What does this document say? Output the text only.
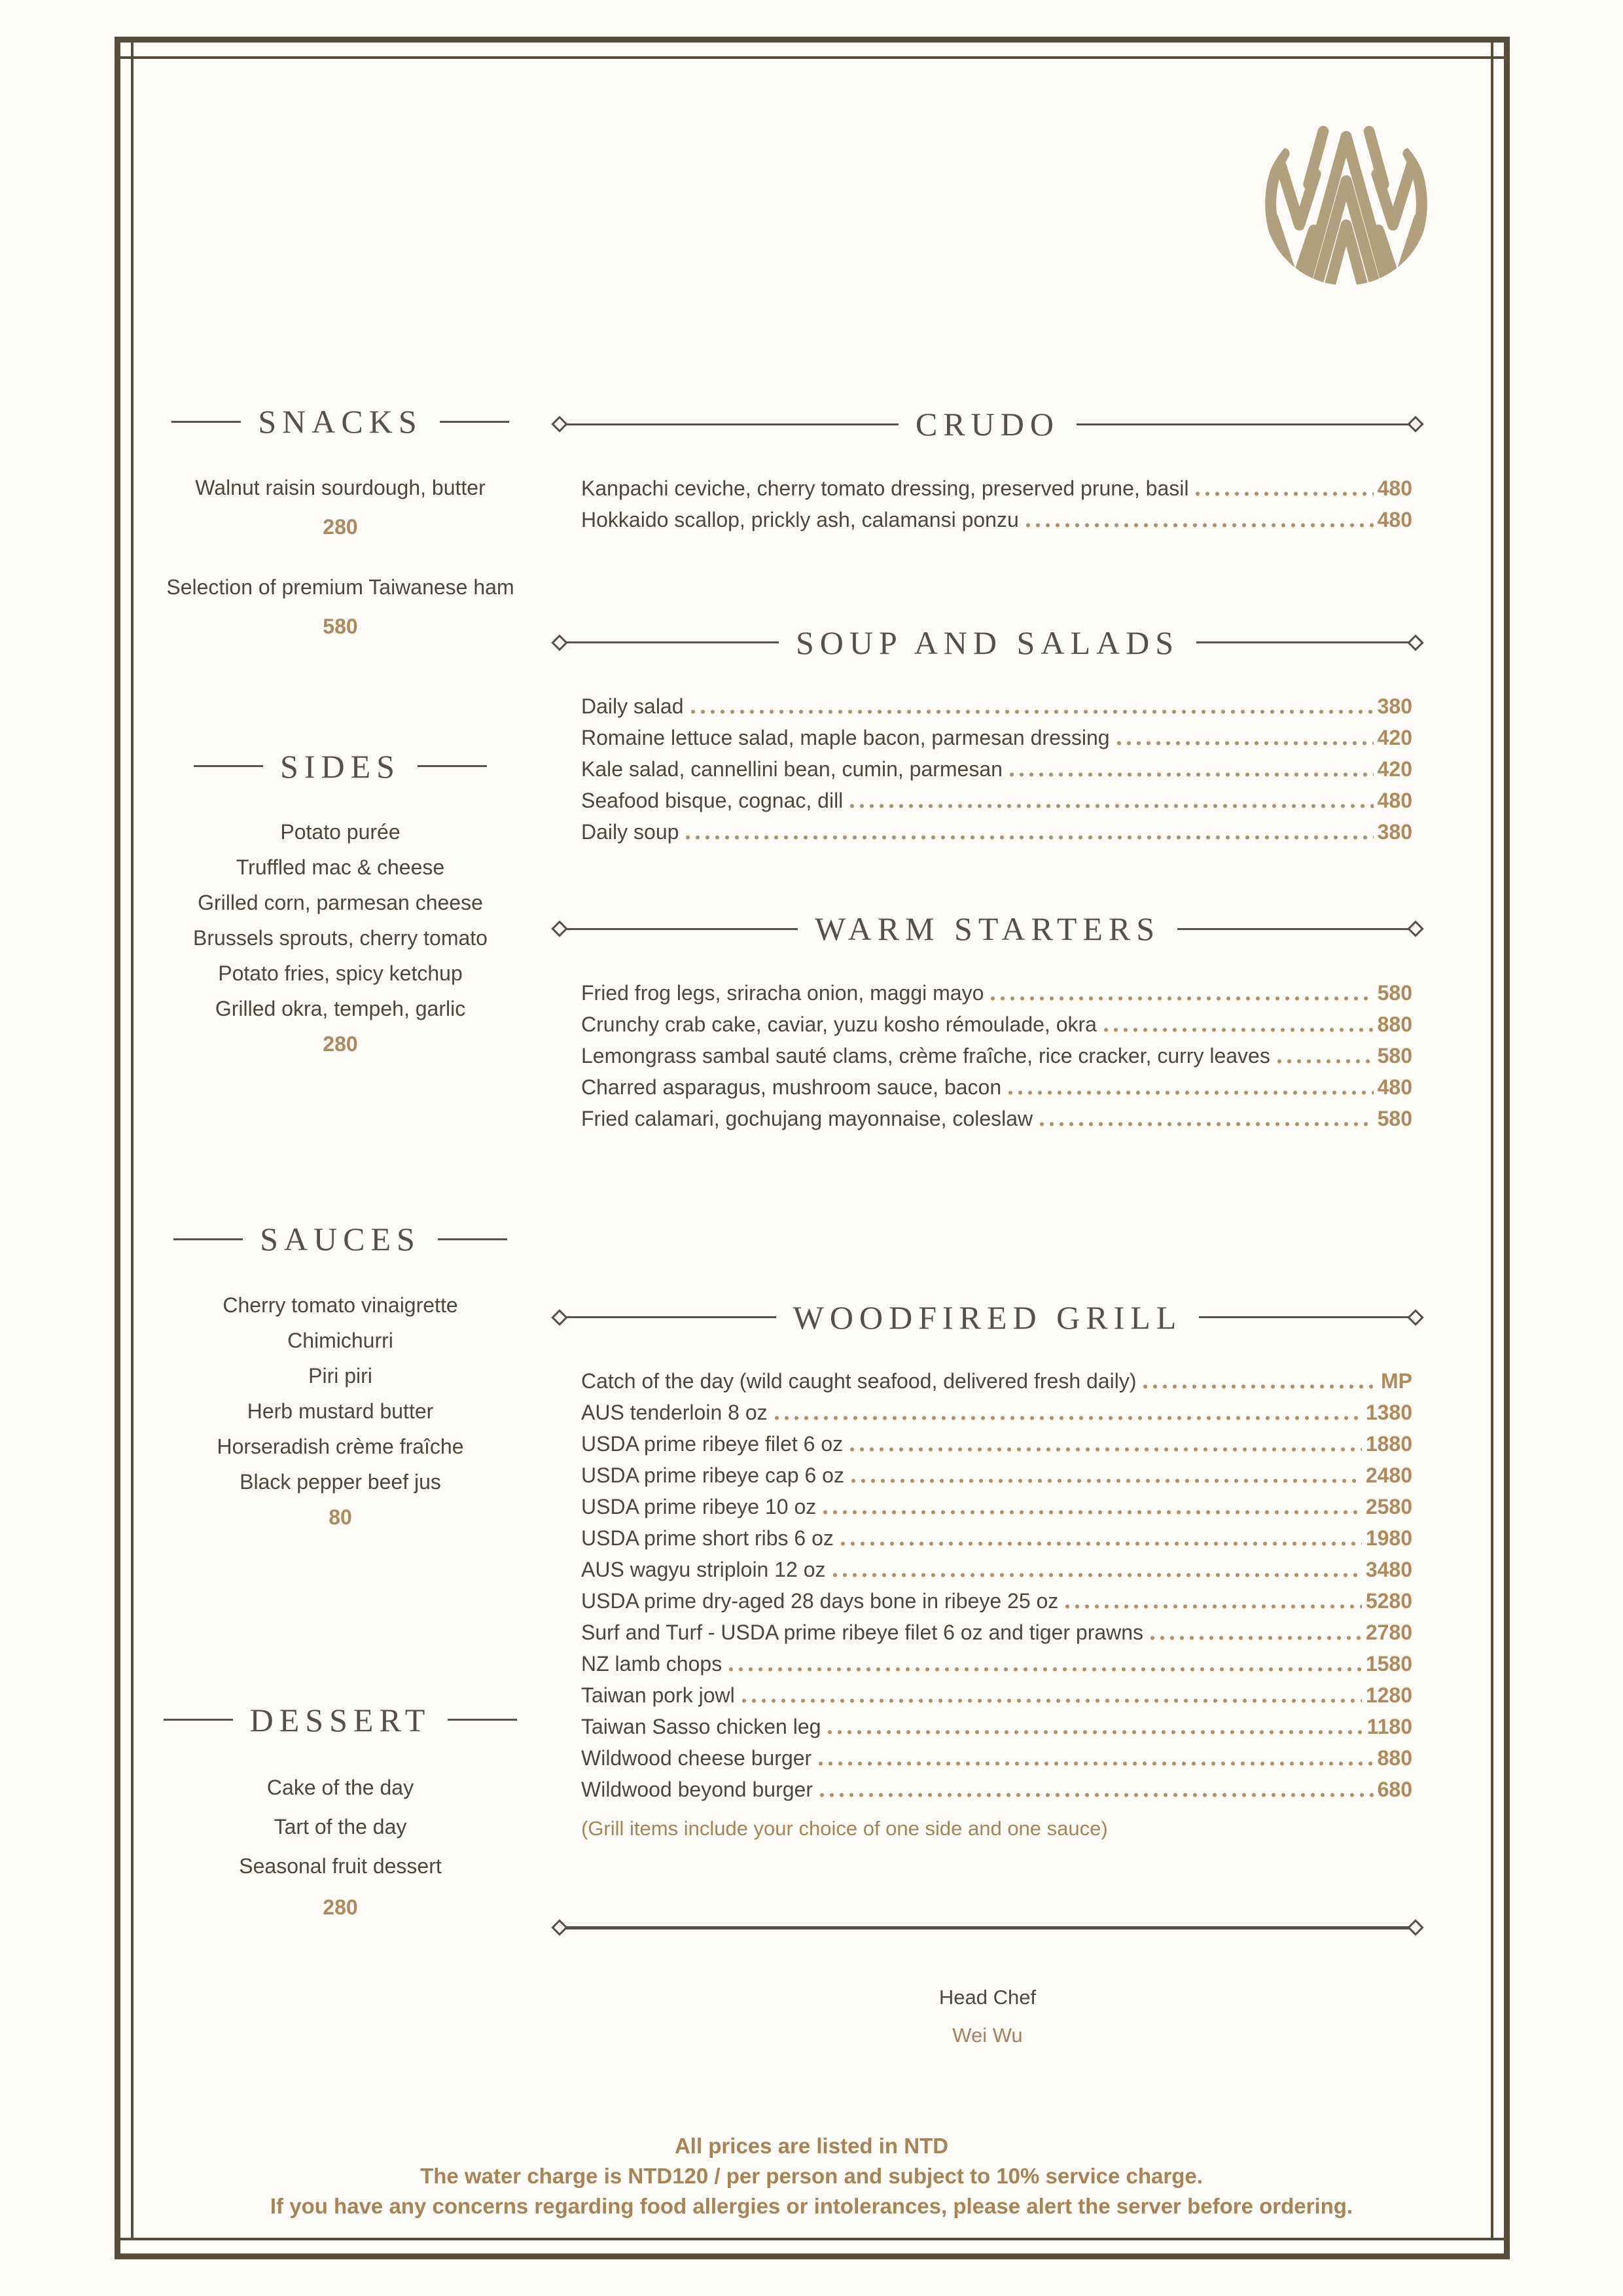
SNACKS
Walnut raisin sourdough, butter
280
Selection of premium Taiwanese ham
580
SIDES
Potato purée
Truffled mac & cheese
Grilled corn, parmesan cheese
Brussels sprouts, cherry tomato
Potato fries, spicy ketchup
Grilled okra, tempeh, garlic
280
SAUCES
Cherry tomato vinaigrette
Chimichurri
Piri piri
Herb mustard butter
Horseradish crème fraîche
Black pepper beef jus
80
DESSERT
Cake of the day
Tart of the day
Seasonal fruit dessert
280
CRUDO
Kanpachi ceviche, cherry tomato dressing, preserved prune, basil	480
Hokkaido scallop, prickly ash, calamansi ponzu	480
SOUP AND SALADS
Daily salad	380
Romaine lettuce salad, maple bacon, parmesan dressing	420
Kale salad, cannellini bean, cumin, parmesan	420
Seafood bisque, cognac, dill	480
Daily soup	380
WARM STARTERS
Fried frog legs, sriracha onion, maggi mayo	580
Crunchy crab cake, caviar, yuzu kosho rémoulade, okra	880
Lemongrass sambal sauté clams, crème fraîche, rice cracker, curry leaves	580
Charred asparagus, mushroom sauce, bacon	480
Fried calamari, gochujang mayonnaise, coleslaw	580
WOODFIRED GRILL
Catch of the day (wild caught seafood, delivered fresh daily)	MP
AUS tenderloin 8 oz	1380
USDA prime ribeye filet 6 oz	1880
USDA prime ribeye cap 6 oz	2480
USDA prime ribeye 10 oz	2580
USDA prime short ribs 6 oz	1980
AUS wagyu striploin 12 oz	3480
USDA prime dry-aged 28 days bone in ribeye 25 oz	5280
Surf and Turf - USDA prime ribeye filet 6 oz and tiger prawns	2780
NZ lamb chops	1580
Taiwan pork jowl	1280
Taiwan Sasso chicken leg	1180
Wildwood cheese burger	880
Wildwood beyond burger	680
(Grill items include your choice of one side and one sauce)
Head Chef
Wei Wu
All prices are listed in NTD
The water charge is NTD120 / per person and subject to 10% service charge.
If you have any concerns regarding food allergies or intolerances, please alert the server before ordering.
